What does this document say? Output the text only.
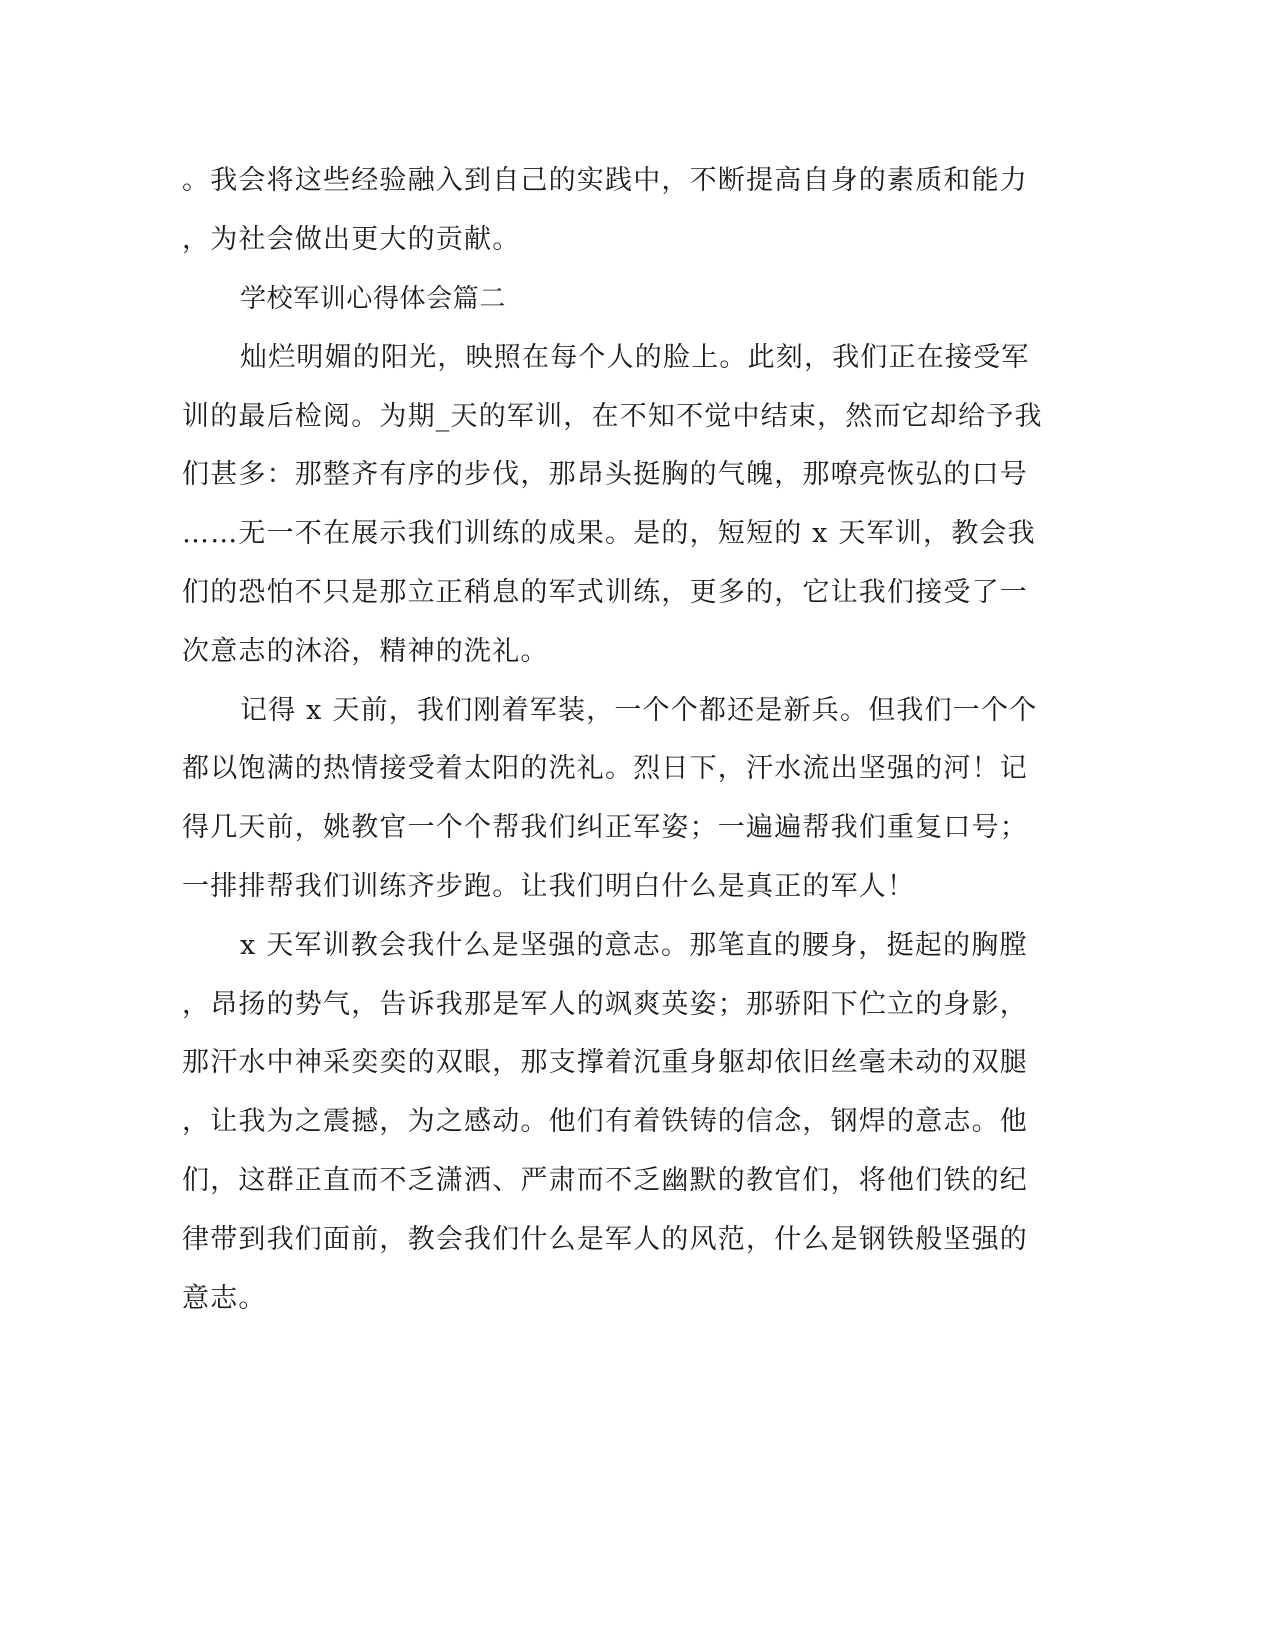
。我会将这些经验融入到自己的实践中，不断提高自身的素质和能力
，为社会做出更大的贡献。
学校军训心得体会篇二
灿烂明媚的阳光，映照在每个人的脸上。此刻，我们正在接受军
训的最后检阅。为期_天的军训，在不知不觉中结束，然而它却给予我
们甚多：那整齐有序的步伐，那昂头挺胸的气魄，那嘹亮恢弘的口号
……无一不在展示我们训练的成果。是的，短短的 x 天军训，教会我
们的恐怕不只是那立正稍息的军式训练，更多的，它让我们接受了一
次意志的沐浴，精神的洗礼。
记得 x 天前，我们刚着军装，一个个都还是新兵。但我们一个个
都以饱满的热情接受着太阳的洗礼。烈日下，汗水流出坚强的河！记
得几天前，姚教官一个个帮我们纠正军姿；一遍遍帮我们重复口号；
一排排帮我们训练齐步跑。让我们明白什么是真正的军人！
x 天军训教会我什么是坚强的意志。那笔直的腰身，挺起的胸膛
，昂扬的势气，告诉我那是军人的飒爽英姿；那骄阳下伫立的身影，
那汗水中神采奕奕的双眼，那支撑着沉重身躯却依旧丝毫未动的双腿
，让我为之震撼，为之感动。他们有着铁铸的信念，钢焊的意志。他
们，这群正直而不乏潇洒、严肃而不乏幽默的教官们，将他们铁的纪
律带到我们面前，教会我们什么是军人的风范，什么是钢铁般坚强的
意志。
